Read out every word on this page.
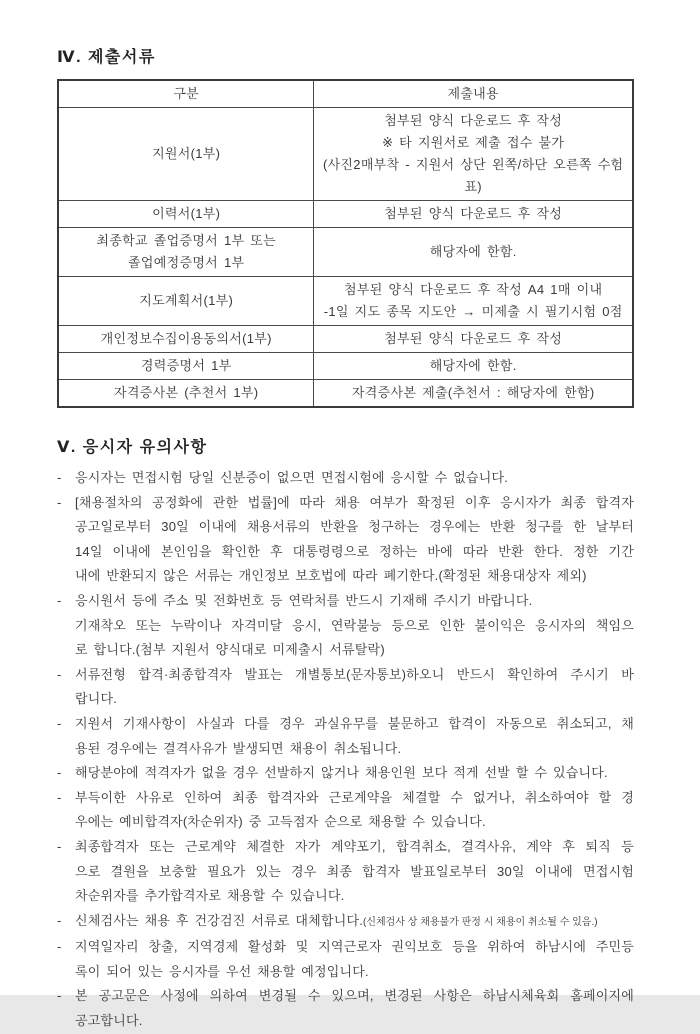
Ⅳ. 제출서류
구분	제출내용

지원서(1부)	첨부된 양식 다운로드 후 작성
※ 타 지원서로 제출 접수 불가
(사진2매부착 - 지원서 상단 왼쪽/하단 오른쪽 수험표)

이력서(1부)	첨부된 양식 다운로드 후 작성

최종학교 졸업증명서 1부 또는
졸업예정증명서 1부	해당자에 한함.

지도계획서(1부)	첨부된 양식 다운로드 후 작성 A4 1매 이내
-1일 지도 종목 지도안 → 미제출 시 필기시험 0점

개인정보수집이용동의서(1부)	첨부된 양식 다운로드 후 작성

경력증명서 1부	해당자에 한함.

자격증사본 (추천서 1부)	자격증사본 제출(추천서 : 해당자에 한함)
Ⅴ. 응시자 유의사항
-	응시자는 면접시험 당일 신분증이 없으면 면접시험에 응시할 수 없습니다.
-	[채용절차의 공정화에 관한 법률]에 따라 채용 여부가 확정된 이후 응시자가 최종 합격자
공고일로부터 30일 이내에 채용서류의 반환을 청구하는 경우에는 반환 청구를 한 날부터
14일 이내에 본인임을 확인한 후 대통령령으로 정하는 바에 따라 반환 한다. 정한 기간
내에 반환되지 않은 서류는 개인정보 보호법에 따라 폐기한다.(확정된 채용대상자 제외)
-	응시원서 등에 주소 및 전화번호 등 연락처를 반드시 기재해 주시기 바랍니다.
기재착오 또는 누락이나 자격미달 응시, 연락불능 등으로 인한 불이익은 응시자의 책임으
로 합니다.(첨부 지원서 양식대로 미제출시 서류탈락)
-	서류전형 합격·최종합격자 발표는 개별통보(문자통보)하오니 반드시 확인하여 주시기 바
랍니다.
-	지원서 기재사항이 사실과 다를 경우 과실유무를 불문하고 합격이 자동으로 취소되고, 채
용된 경우에는 결격사유가 발생되면 채용이 취소됩니다.
-	해당분야에 적격자가 없을 경우 선발하지 않거나 채용인원 보다 적게 선발 할 수 있습니다.
-	부득이한 사유로 인하여 최종 합격자와 근로계약을 체결할 수 없거나, 취소하여야 할 경
우에는 예비합격자(차순위자) 중 고득점자 순으로 채용할 수 있습니다.
-	최종합격자 또는 근로계약 체결한 자가 계약포기, 합격취소, 결격사유, 계약 후 퇴직 등
으로 결원을 보충할 필요가 있는 경우 최종 합격자 발표일로부터 30일 이내에 면접시험
차순위자를 추가합격자로 채용할 수 있습니다.
-	신체검사는 채용 후 건강검진 서류로 대체합니다.(신체검사 상 채용불가 판정 시 채용이 취소될 수 있음.)
-	지역일자리 창출, 지역경제 활성화 및 지역근로자 권익보호 등을 위하여 하남시에 주민등
록이 되어 있는 응시자를 우선 채용할 예정입니다.
-	본 공고문은 사정에 의하여 변경될 수 있으며, 변경된 사항은 하남시체육회 홈페이지에
공고합니다.
